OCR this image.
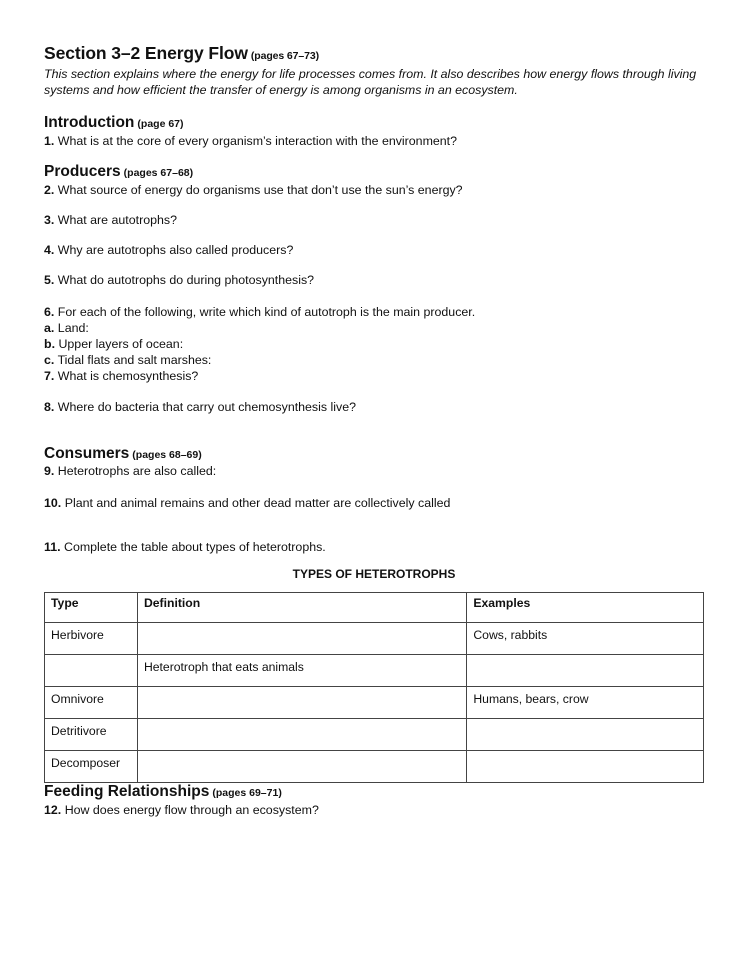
Section 3–2 Energy Flow (pages 67–73)
This section explains where the energy for life processes comes from. It also describes how energy flows through living systems and how efficient the transfer of energy is among organisms in an ecosystem.
Introduction (page 67)
1. What is at the core of every organism’s interaction with the environment?
Producers (pages 67–68)
2. What source of energy do organisms use that don’t use the sun’s energy?
3. What are autotrophs?
4. Why are autotrophs also called producers?
5. What do autotrophs do during photosynthesis?
6. For each of the following, write which kind of autotroph is the main producer.
a. Land:
b. Upper layers of ocean:
c. Tidal flats and salt marshes:
7. What is chemosynthesis?
8. Where do bacteria that carry out chemosynthesis live?
Consumers (pages 68–69)
9. Heterotrophs are also called:
10. Plant and animal remains and other dead matter are collectively called
11. Complete the table about types of heterotrophs.
TYPES OF HETEROTROPHS
Type	Definition	Examples
Herbivore		Cows, rabbits
	Heterotroph that eats animals	
Omnivore		Humans, bears, crow
Detritivore		
Decomposer		
Feeding Relationships (pages 69–71)
12. How does energy flow through an ecosystem?
